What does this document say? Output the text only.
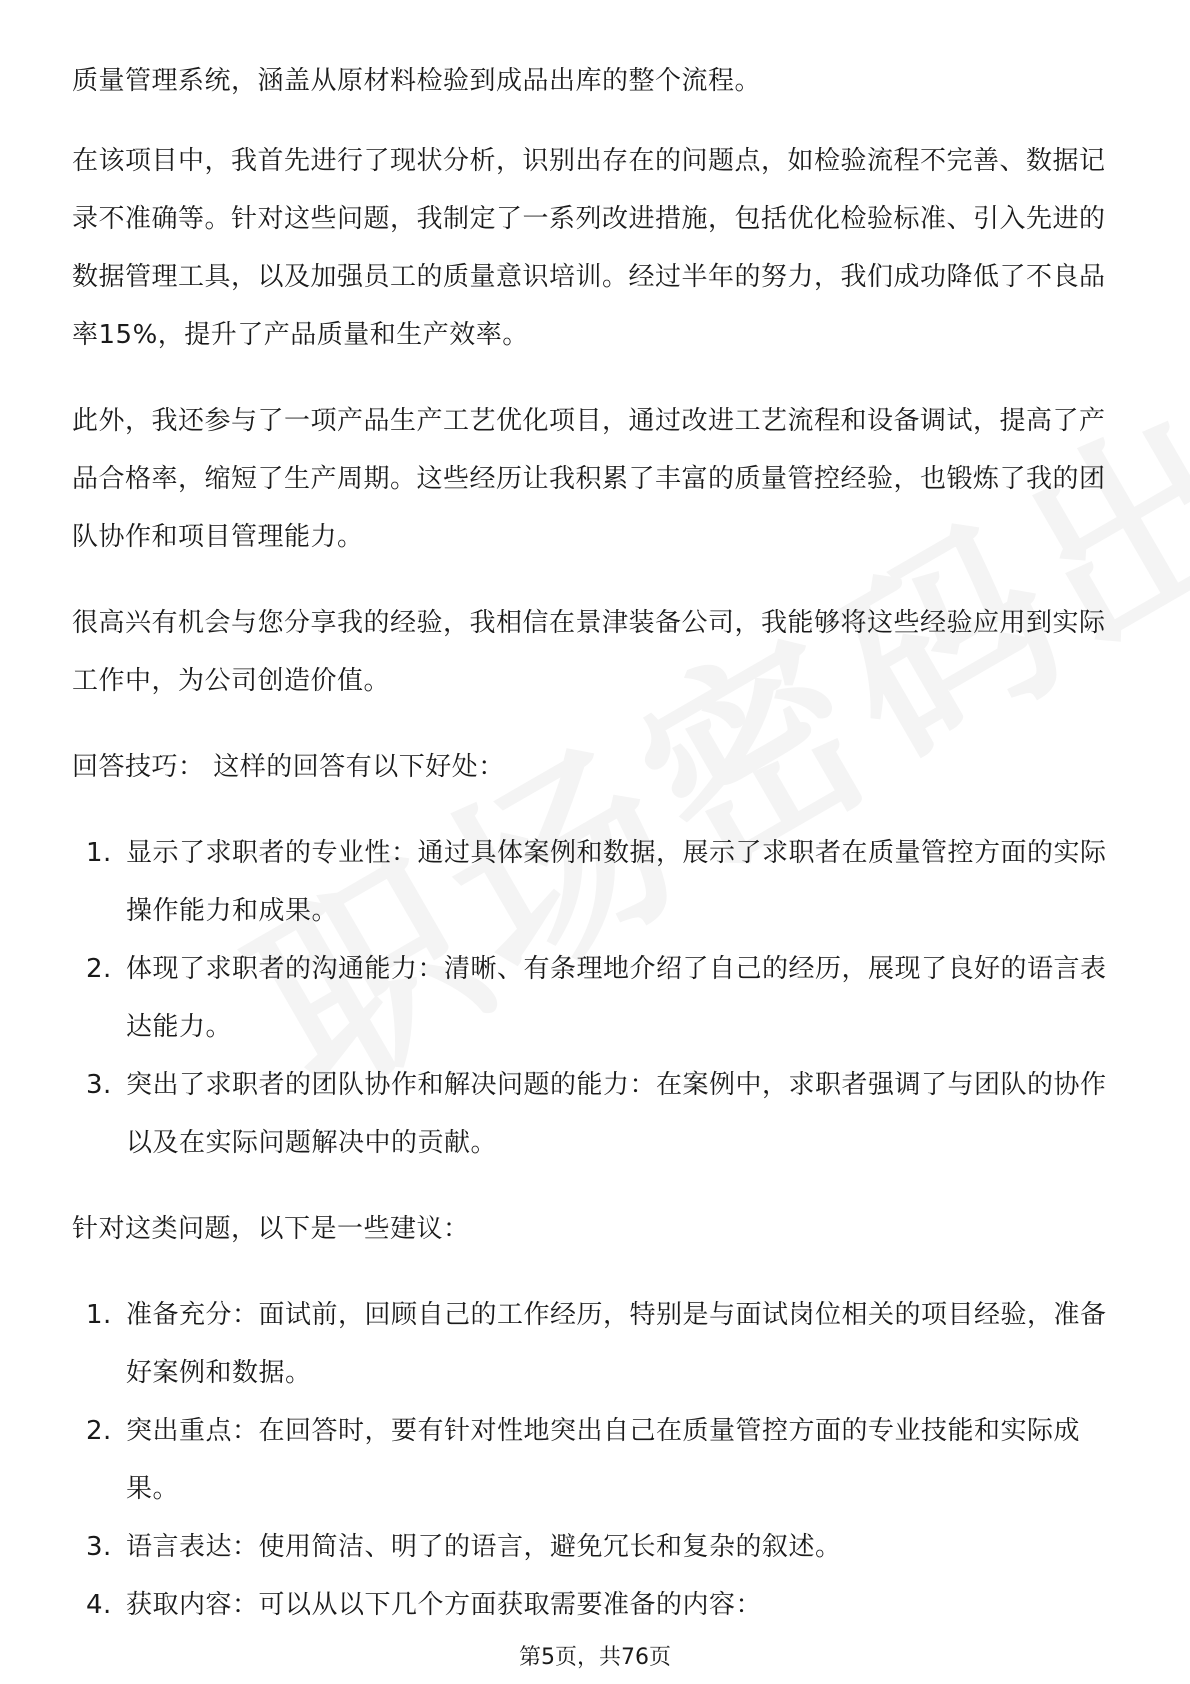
质量管理系统，涵盖从原材料检验到成品出库的整个流程。

在该项目中，我首先进行了现状分析，识别出存在的问题点，如检验流程不完善、数据记录不准确等。针对这些问题，我制定了一系列改进措施，包括优化检验标准、引入先进的数据管理工具，以及加强员工的质量意识培训。经过半年的努力，我们成功降低了不良品率15%，提升了产品质量和生产效率。

此外，我还参与了一项产品生产工艺优化项目，通过改进工艺流程和设备调试，提高了产品合格率，缩短了生产周期。这些经历让我积累了丰富的质量管控经验，也锻炼了我的团队协作和项目管理能力。

很高兴有机会与您分享我的经验，我相信在景津装备公司，我能够将这些经验应用到实际工作中，为公司创造价值。

回答技巧： 这样的回答有以下好处：

1. 显示了求职者的专业性：通过具体案例和数据，展示了求职者在质量管控方面的实际操作能力和成果。
2. 体现了求职者的沟通能力：清晰、有条理地介绍了自己的经历，展现了良好的语言表达能力。
3. 突出了求职者的团队协作和解决问题的能力：在案例中，求职者强调了与团队的协作以及在实际问题解决中的贡献。

针对这类问题，以下是一些建议：

1. 准备充分：面试前，回顾自己的工作经历，特别是与面试岗位相关的项目经验，准备好案例和数据。
2. 突出重点：在回答时，要有针对性地突出自己在质量管控方面的专业技能和实际成果。
3. 语言表达：使用简洁、明了的语言，避免冗长和复杂的叙述。
4. 获取内容：可以从以下几个方面获取需要准备的内容：
第5页，共76页
